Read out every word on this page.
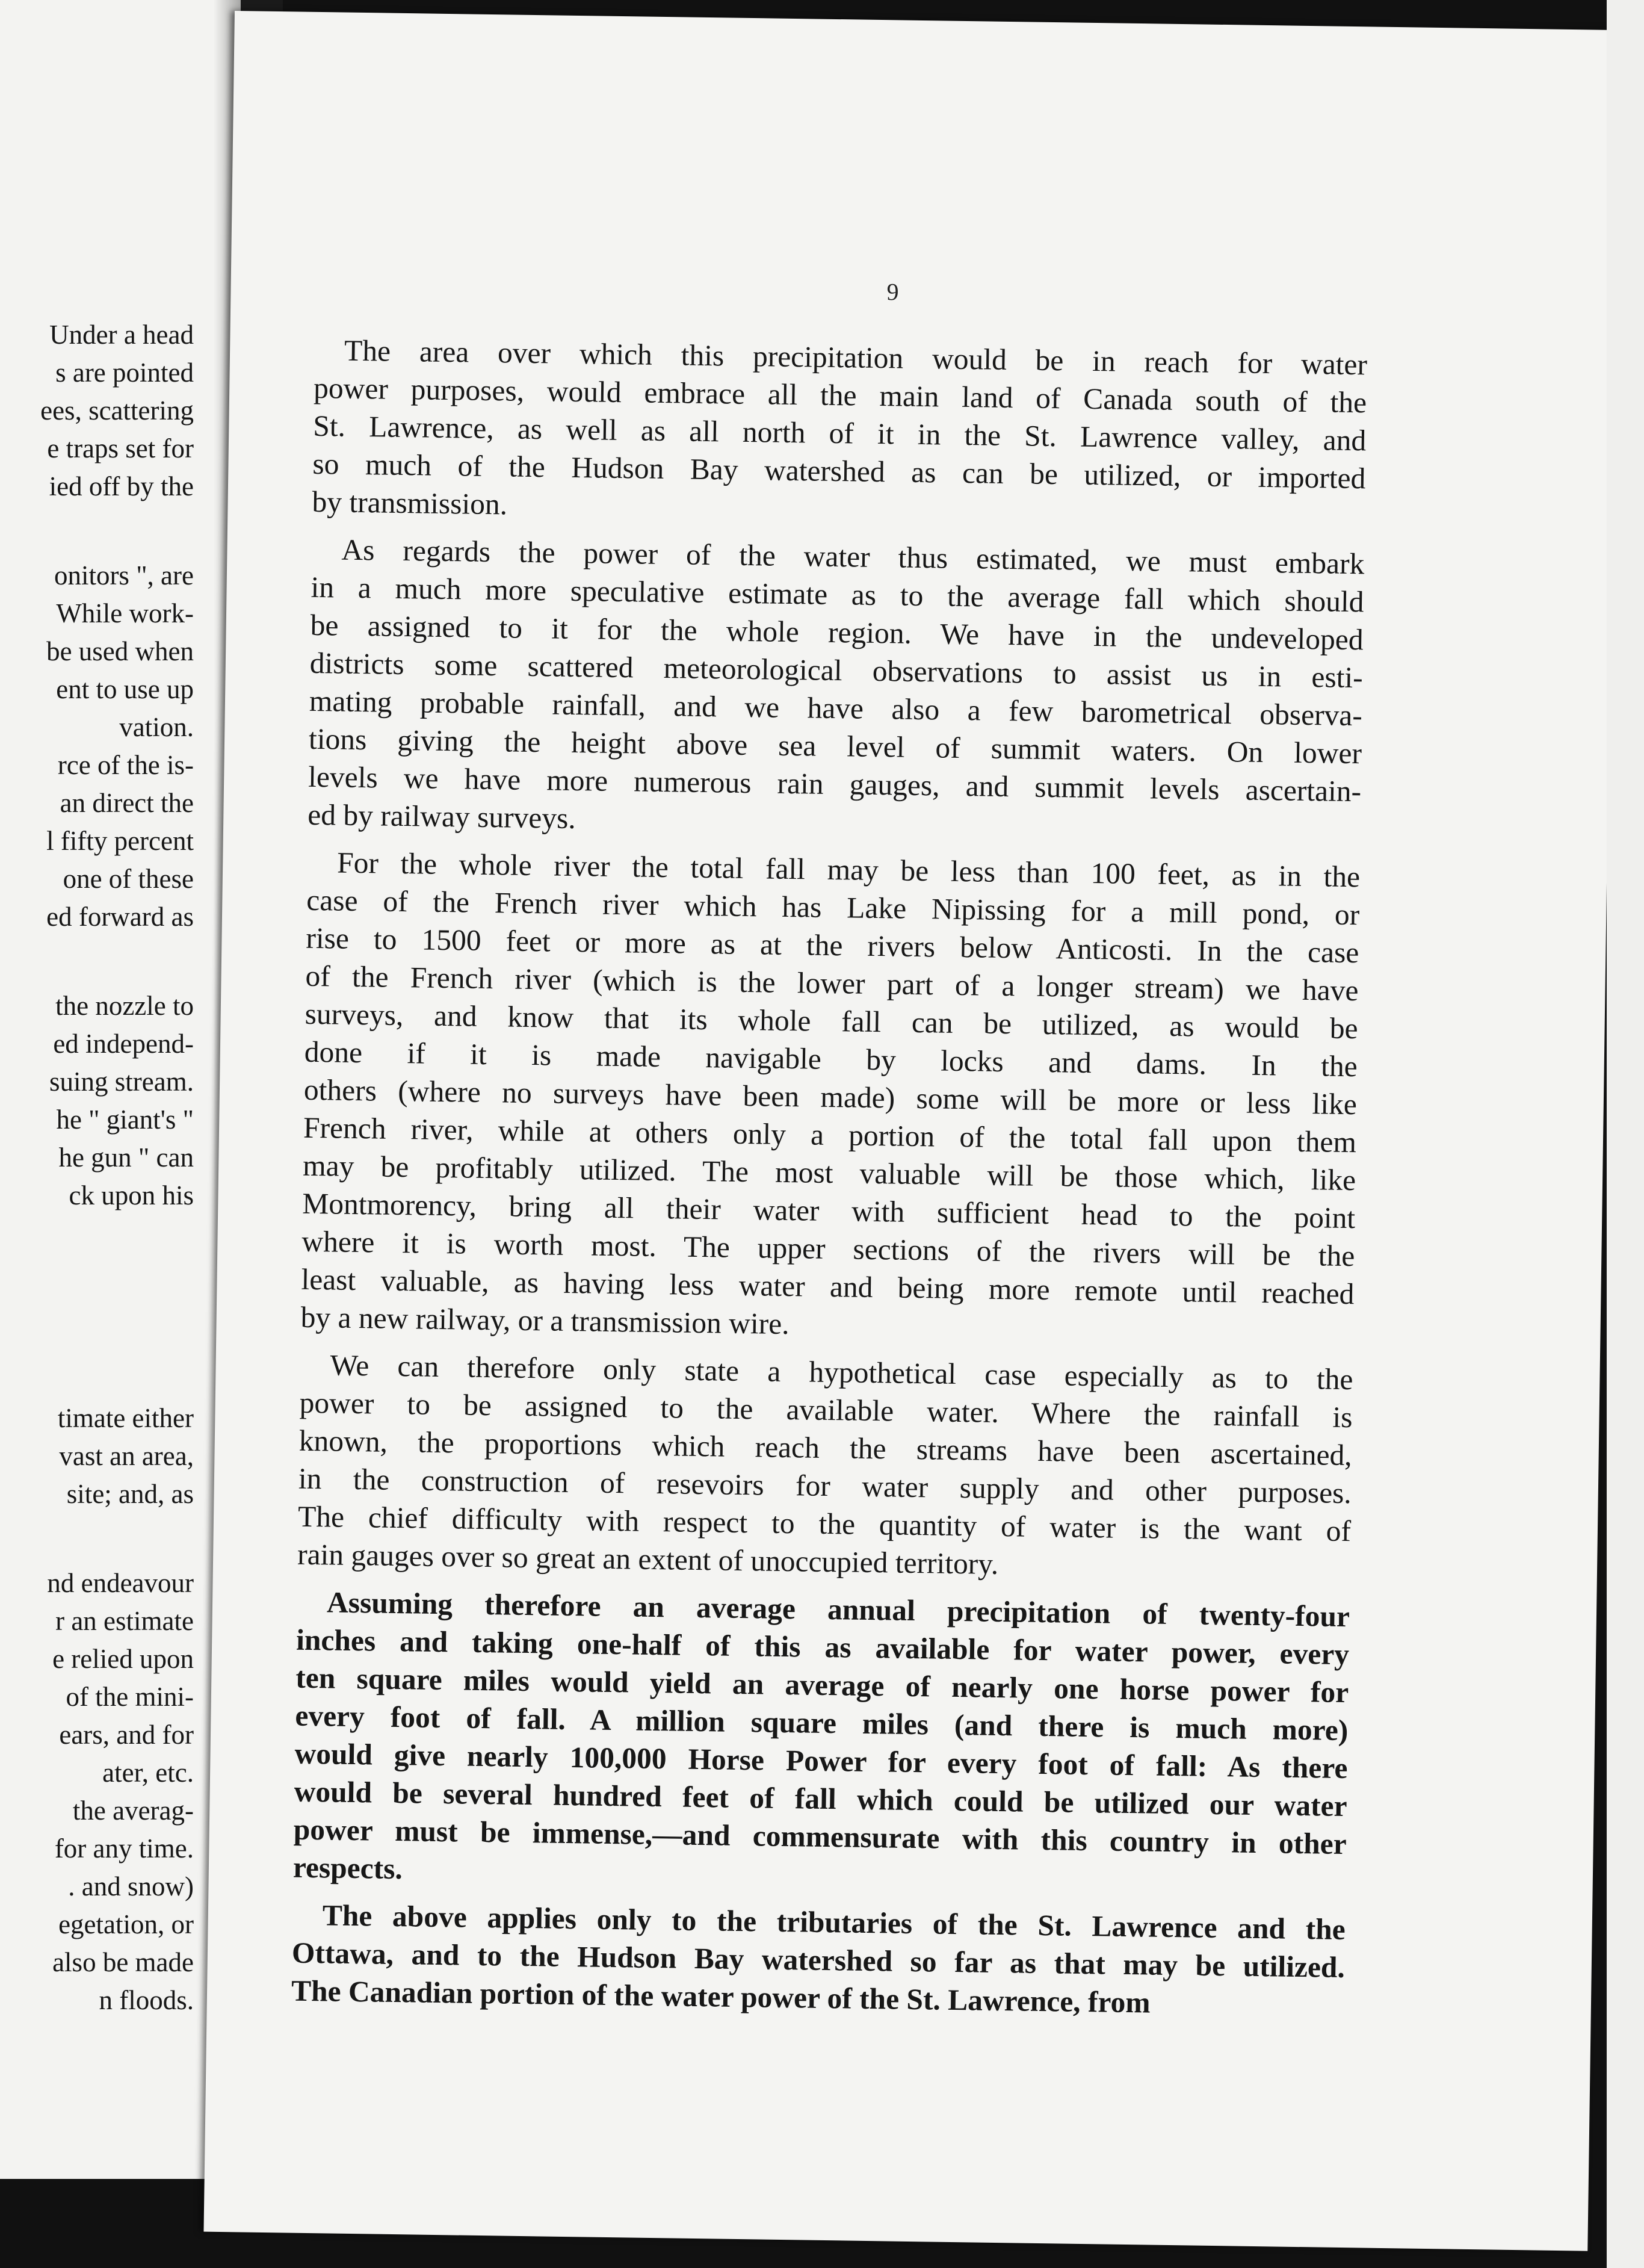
Under a head
s are pointed
ees, scattering
e traps set for
ied off by the
onitors ", are
While work-
be used when
ent to use up
vation.
rce of the is-
an direct the
l fifty percent
one of these
ed forward as
the nozzle to
ed independ-
suing stream.
he " giant's "
he gun " can
ck upon his
timate either
vast an area,
site; and, as
nd endeavour
r an estimate
e relied upon
of the mini-
ears, and for
ater, etc.
the averag-
for any time.
. and snow)
egetation, or
also be made
n floods.
9
The area over which this precipitation would be in reach for water
power purposes, would embrace all the main land of Canada south of the
St. Lawrence, as well as all north of it in the St. Lawrence valley, and
so much of the Hudson Bay watershed as can be utilized, or imported
by transmission.
As regards the power of the water thus estimated, we must embark
in a much more speculative estimate as to the average fall which should
be assigned to it for the whole region. We have in the undeveloped
districts some scattered meteorological observations to assist us in esti-
mating probable rainfall, and we have also a few barometrical observa-
tions giving the height above sea level of summit waters. On lower
levels we have more numerous rain gauges, and summit levels ascertain-
ed by railway surveys.
For the whole river the total fall may be less than 100 feet, as in the
case of the French river which has Lake Nipissing for a mill pond, or
rise to 1500 feet or more as at the rivers below Anticosti. In the case
of the French river (which is the lower part of a longer stream) we have
surveys, and know that its whole fall can be utilized, as would be
done if it is made navigable by locks and dams. In the
others (where no surveys have been made) some will be more or less like
French river, while at others only a portion of the total fall upon them
may be profitably utilized. The most valuable will be those which, like
Montmorency, bring all their water with sufficient head to the point
where it is worth most. The upper sections of the rivers will be the
least valuable, as having less water and being more remote until reached
by a new railway, or a transmission wire.
We can therefore only state a hypothetical case especially as to the
power to be assigned to the available water. Where the rainfall is
known, the proportions which reach the streams have been ascertained,
in the construction of resevoirs for water supply and other purposes.
The chief difficulty with respect to the quantity of water is the want of
rain gauges over so great an extent of unoccupied territory.
Assuming therefore an average annual precipitation of twenty-four
inches and taking one-half of this as available for water power, every
ten square miles would yield an average of nearly one horse power for
every foot of fall. A million square miles (and there is much more)
would give nearly 100,000 Horse Power for every foot of fall: As there
would be several hundred feet of fall which could be utilized our water
power must be immense,—and commensurate with this country in other
respects.
The above applies only to the tributaries of the St. Lawrence and the
Ottawa, and to the Hudson Bay watershed so far as that may be utilized.
The Canadian portion of the water power of the St. Lawrence, from
